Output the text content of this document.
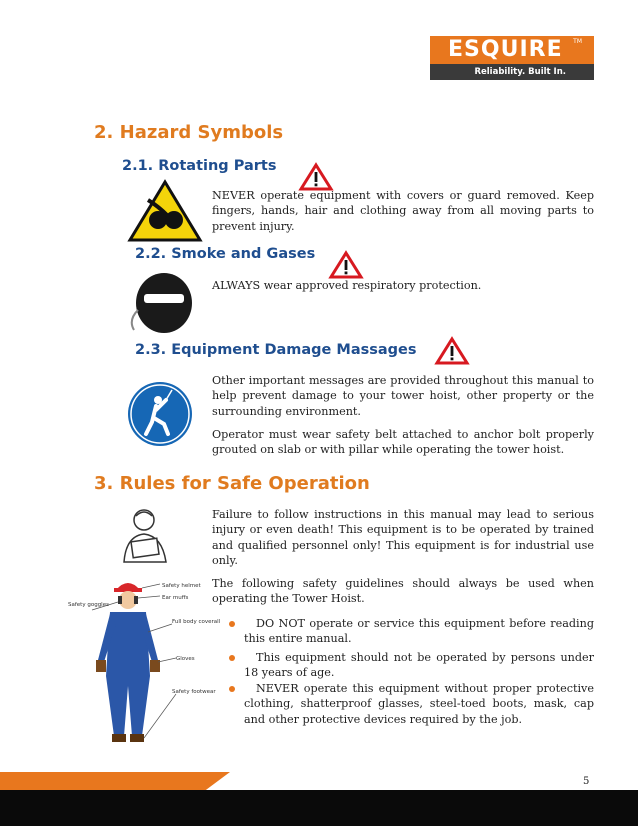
ESQUIRE	TM
Reliability. Built In.
2. Hazard Symbols
2.1. Rotating Parts

NEVER operate equipment with covers or guard removed. Keep fingers, hands, hair and clothing away from all moving parts to prevent injury.

2.2. Smoke and Gases

ALWAYS wear approved respiratory protection.

2.3. Equipment Damage Massages

Other important messages are provided throughout this manual to help prevent damage to your tower hoist, other property or the surrounding environment.

Operator must wear safety belt attached to anchor bolt properly grouted on slab or with pillar while operating the tower hoist.

3. Rules for Safe Operation

Failure to follow instructions in this manual may lead to serious injury or even death! This equipment is to be operated by trained and qualified personnel only! This equipment is for industrial use only.

Safety helmet
Ear muffs
Safety goggles
Full body coverall
Gloves
Safety footwear

The following safety guidelines should always be used when operating the Tower Hoist.

DO NOT operate or service this equipment before reading this entire manual.

This equipment should not be operated by persons under 18 years of age.

NEVER operate this equipment without proper protective clothing, shatterproof glasses, steel-toed boots, mask, cap and other protective devices required by the job.

5
